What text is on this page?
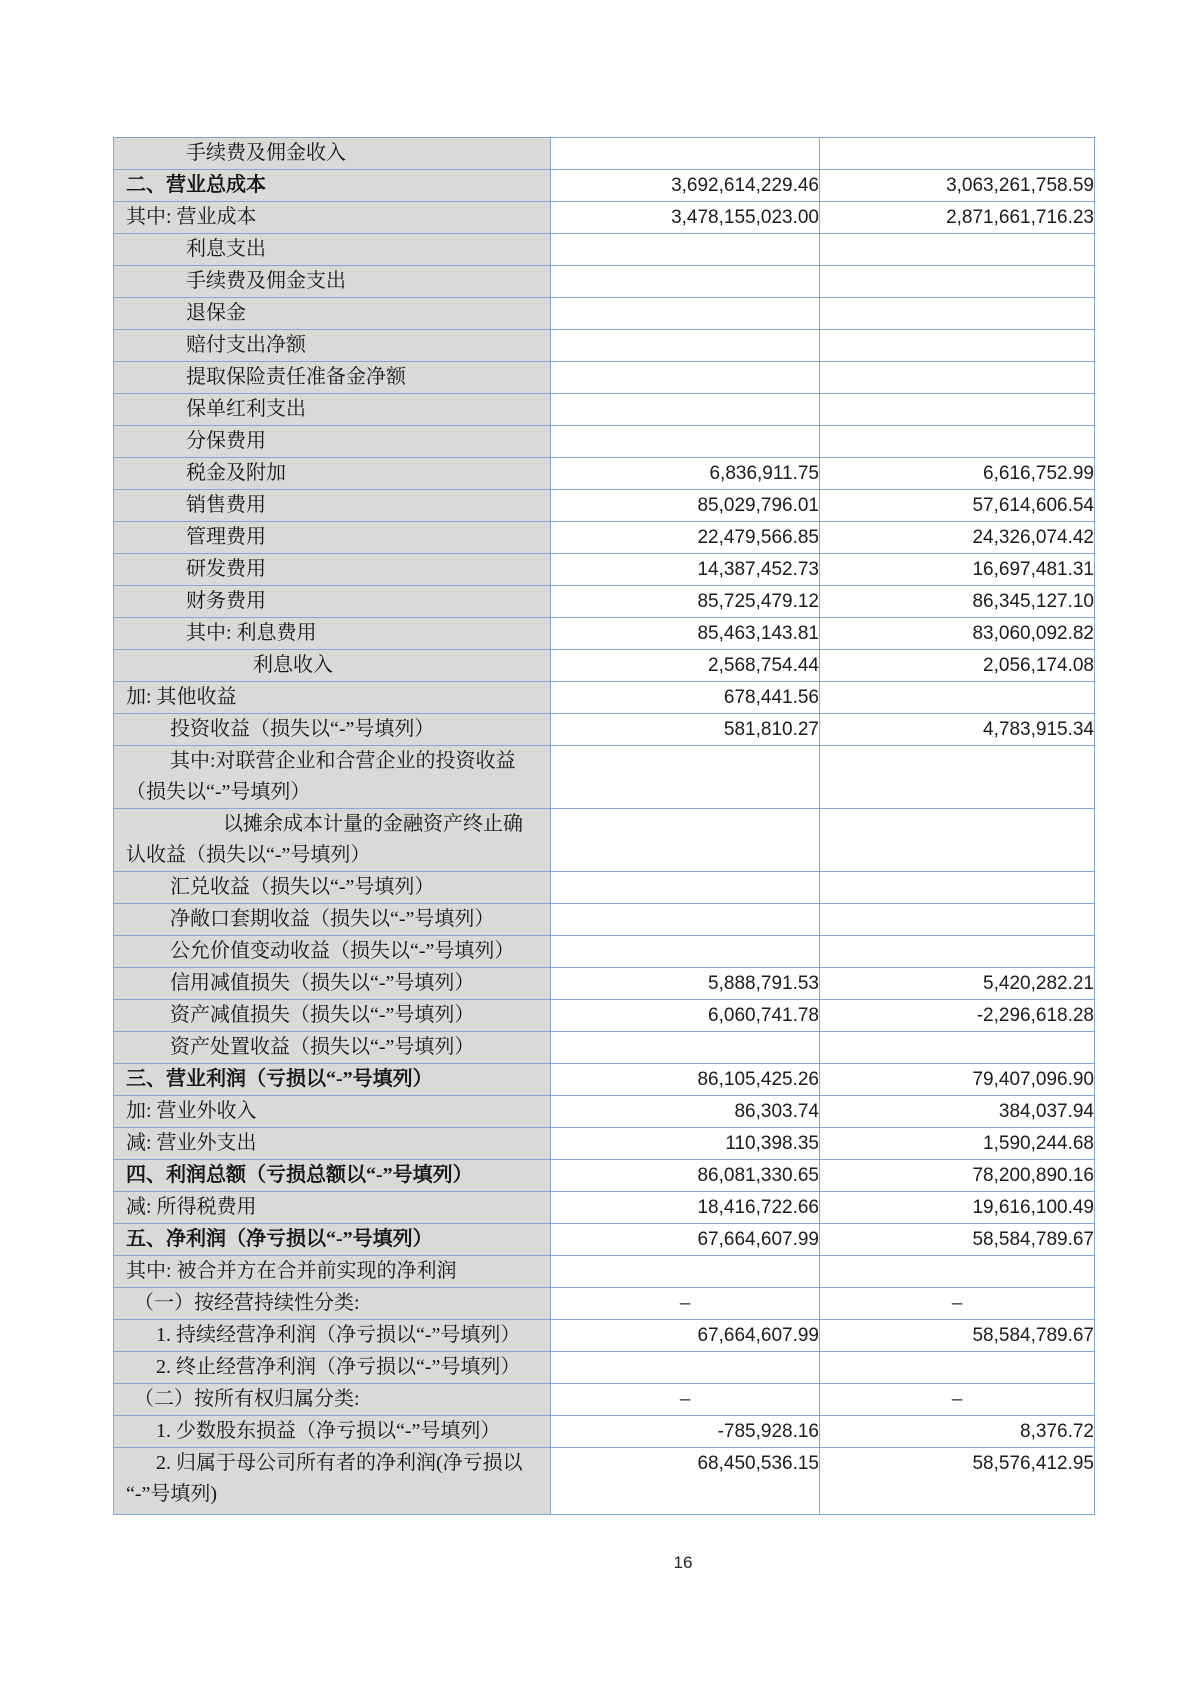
手续费及佣金收入		

二、营业总成本	3,692,614,229.46	3,063,261,758.59

其中: 营业成本	3,478,155,023.00	2,871,661,716.23

利息支出		

手续费及佣金支出		

退保金		

赔付支出净额		

提取保险责任准备金净额		

保单红利支出		

分保费用		

税金及附加	6,836,911.75	6,616,752.99

销售费用	85,029,796.01	57,614,606.54

管理费用	22,479,566.85	24,326,074.42

研发费用	14,387,452.73	16,697,481.31

财务费用	85,725,479.12	86,345,127.10

其中: 利息费用	85,463,143.81	83,060,092.82

利息收入	2,568,754.44	2,056,174.08

加: 其他收益	678,441.56	

投资收益（损失以“-”号填列）	581,810.27	4,783,915.34

其中:对联营企业和合营企业的投资收益
（损失以“-”号填列）		

以摊余成本计量的金融资产终止确
认收益（损失以“-”号填列）		

汇兑收益（损失以“-”号填列）		

净敞口套期收益（损失以“-”号填列）		

公允价值变动收益（损失以“-”号填列）		

信用减值损失（损失以“-”号填列）	5,888,791.53	5,420,282.21

资产减值损失（损失以“-”号填列）	6,060,741.78	-2,296,618.28

资产处置收益（损失以“-”号填列）		

三、营业利润（亏损以“-”号填列）	86,105,425.26	79,407,096.90

加: 营业外收入	86,303.74	384,037.94

减: 营业外支出	110,398.35	1,590,244.68

四、利润总额（亏损总额以“-”号填列）	86,081,330.65	78,200,890.16

减: 所得税费用	18,416,722.66	19,616,100.49

五、净利润（净亏损以“-”号填列）	67,664,607.99	58,584,789.67

其中: 被合并方在合并前实现的净利润		

（一）按经营持续性分类:	–	–

1. 持续经营净利润（净亏损以“-”号填列）	67,664,607.99	58,584,789.67

2. 终止经营净利润（净亏损以“-”号填列）		

（二）按所有权归属分类:	–	–

1. 少数股东损益（净亏损以“-”号填列）	-785,928.16	8,376.72

2. 归属于母公司所有者的净利润(净亏损以
“-”号填列)	68,450,536.15	58,576,412.95
16
